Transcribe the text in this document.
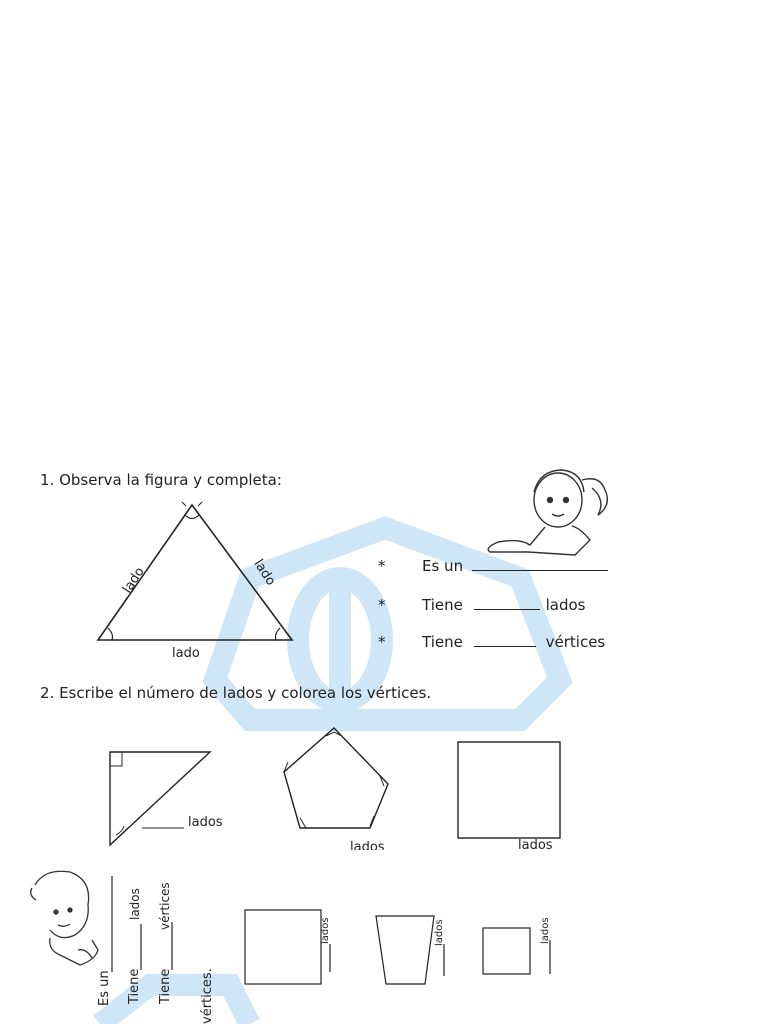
1. Observa la figura y completa:
lado	lado
lado
* Es un
* Tiene	lados
* Tiene	vértices
2. Escribe el número de lados y colorea los vértices.
lados
lados	lados
Es un Tiene
lados
Tiene
vértices
vértices.
lados	lados	lados
